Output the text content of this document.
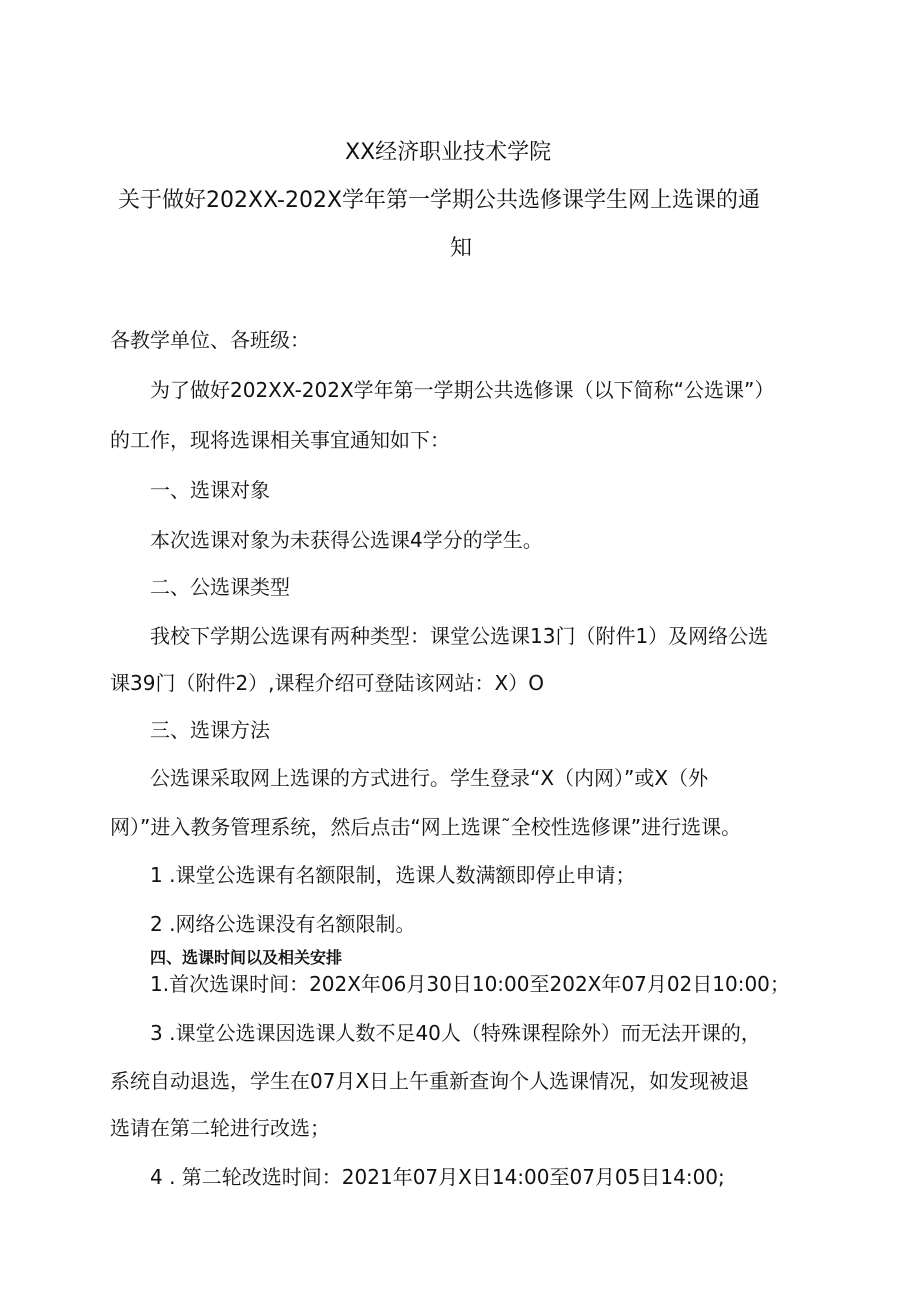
XX经济职业技术学院
关于做好202XX-202X学年第一学期公共选修课学生网上选课的通
知
各教学单位、各班级：
为了做好202XX-202X学年第一学期公共选修课（以下简称“公选课”）
的工作，现将选课相关事宜通知如下：
一、选课对象
本次选课对象为未获得公选课4学分的学生。
二、公选课类型
我校下学期公选课有两种类型：课堂公选课13门（附件1）及网络公选
课39门（附件2）,课程介绍可登陆该网站：X）O
三、选课方法
公选课采取网上选课的方式进行。学生登录“X（内网）”或X（外
网）”进入教务管理系统，然后点击“网上选课˜全校性选修课”进行选课。
1 .课堂公选课有名额限制，选课人数满额即停止申请；
2 .网络公选课没有名额限制。
四、选课时间以及相关安排
1.首次选课时间：202X年06月30日10:00至202X年07月02日10:00；
3 .课堂公选课因选课人数不足40人（特殊课程除外）而无法开课的，
系统自动退选，学生在07月X日上午重新查询个人选课情况，如发现被退
选请在第二轮进行改选；
4 . 第二轮改选时间：2021年07月X日14:00至07月05日14:00;
